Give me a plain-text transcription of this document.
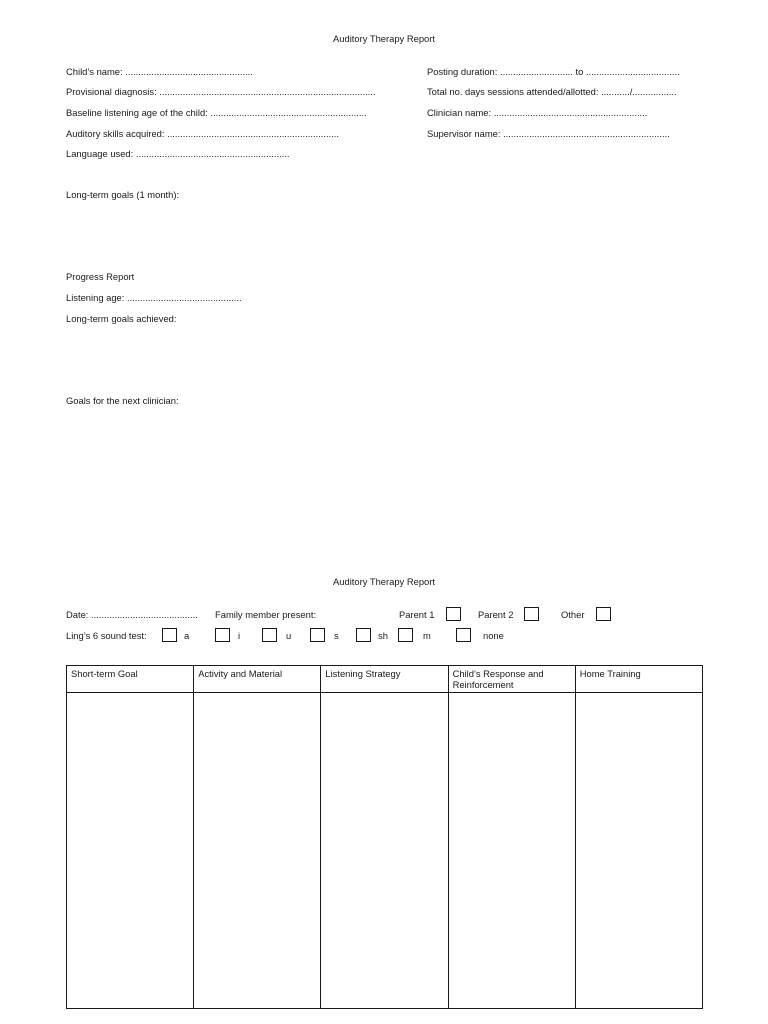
Auditory Therapy Report
Child’s name: .................................................
Provisional diagnosis: ...................................................................................
Baseline listening age of the child: ............................................................
Auditory skills acquired: ..................................................................
Language used: ...........................................................
Posting duration: ............................ to ....................................
Total no. days sessions attended/allotted: .........../.................
Clinician name: ...........................................................
Supervisor name: ................................................................
Long-term goals (1 month):
Progress Report
Listening age: ............................................
Long-term goals achieved:
Goals for the next clinician:
Auditory Therapy Report
Date: ......................................... Family member present:	Parent 1	Parent 2	Other
Ling’s 6 sound test:	a	i	u	s	sh	m	none
Short-term Goal	Activity and Material	Listening Strategy	Child’s Response and Reinforcement	Home Training
